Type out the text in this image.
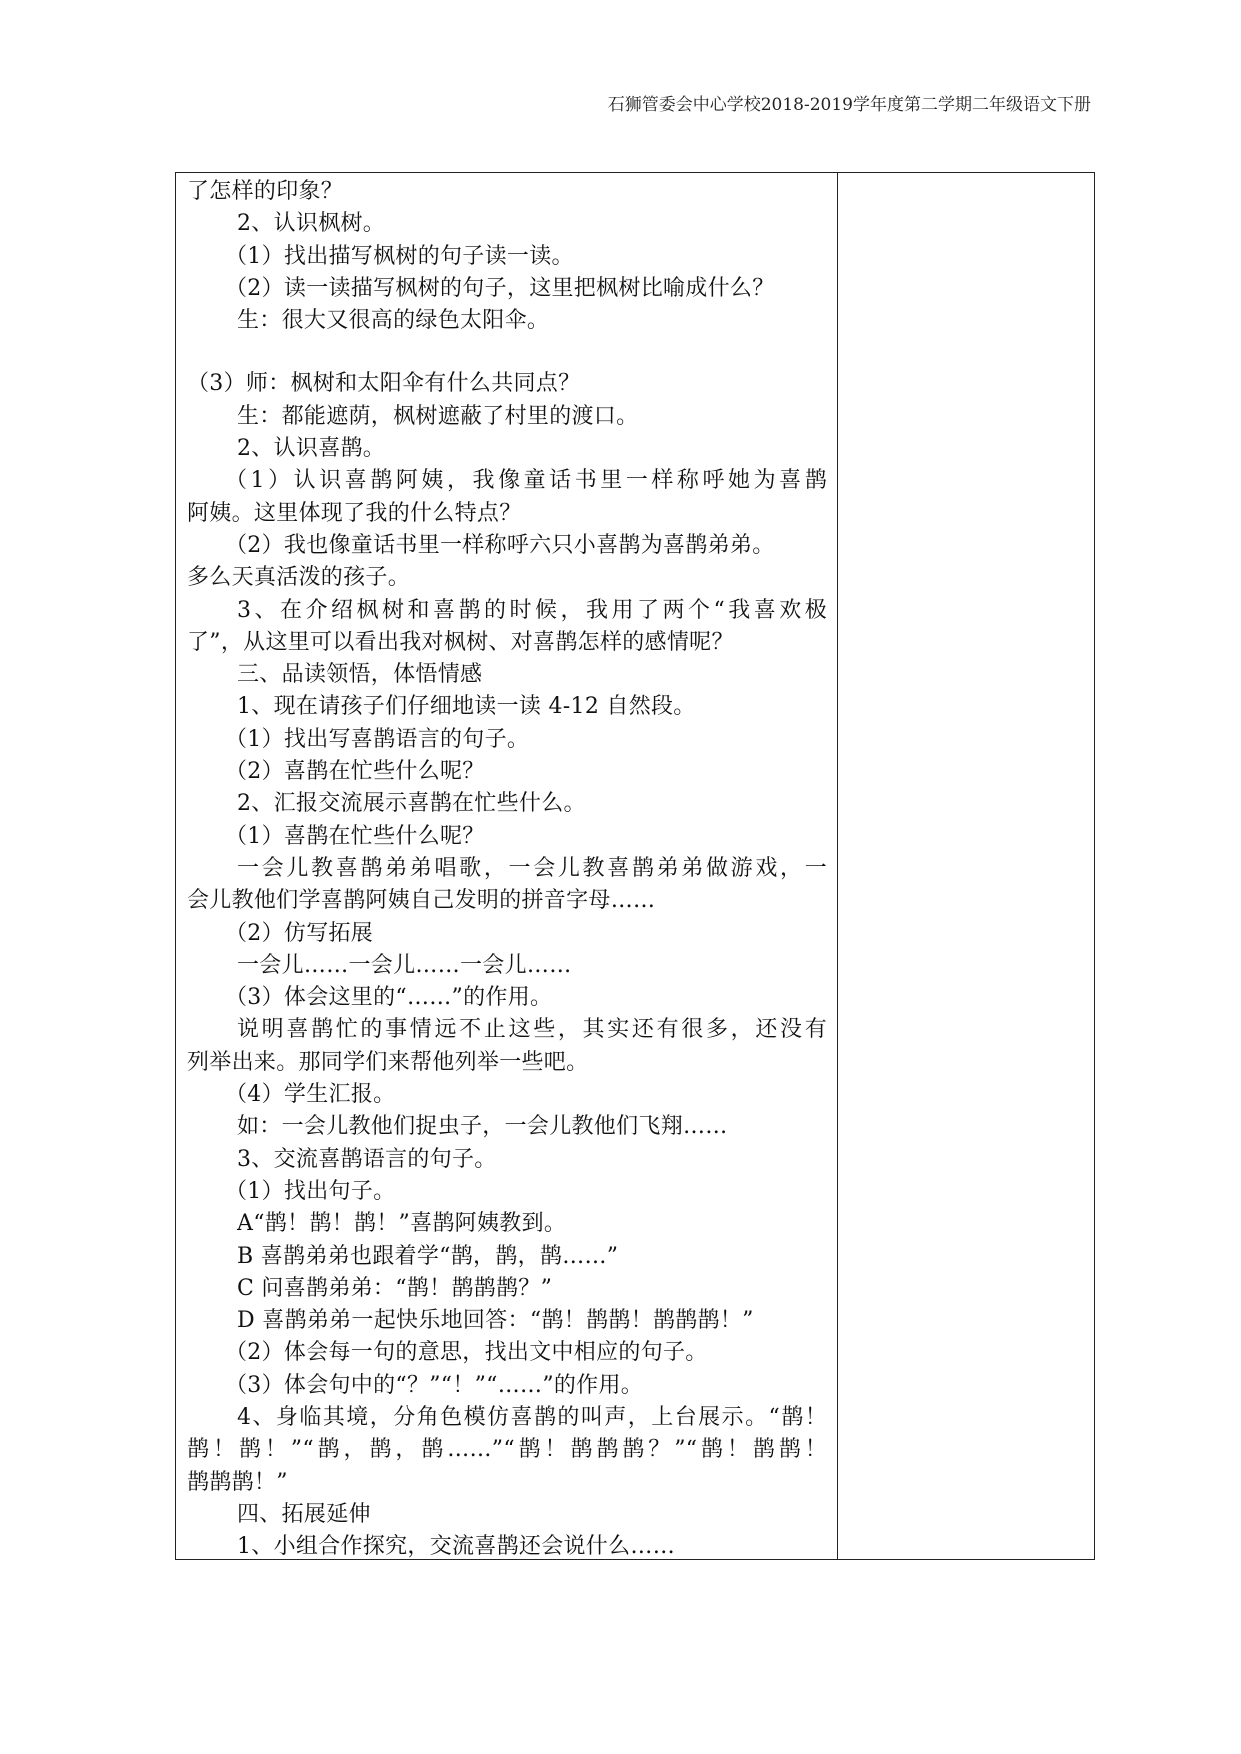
石狮管委会中心学校2018-2019学年度第二学期二年级语文下册
了怎样的印象？
2、认识枫树。
（1）找出描写枫树的句子读一读。
（2）读一读描写枫树的句子，这里把枫树比喻成什么？
生：很大又很高的绿色太阳伞。
（3）师：枫树和太阳伞有什么共同点？
生：都能遮荫，枫树遮蔽了村里的渡口。
2、认识喜鹊。
（1）认识喜鹊阿姨，我像童话书里一样称呼她为喜鹊
阿姨。这里体现了我的什么特点？
（2）我也像童话书里一样称呼六只小喜鹊为喜鹊弟弟。
多么天真活泼的孩子。
3、在介绍枫树和喜鹊的时候，我用了两个“我喜欢极
了”，从这里可以看出我对枫树、对喜鹊怎样的感情呢？
三、品读领悟，体悟情感
1、现在请孩子们仔细地读一读 4-12 自然段。
（1）找出写喜鹊语言的句子。
（2）喜鹊在忙些什么呢？
2、汇报交流展示喜鹊在忙些什么。
（1）喜鹊在忙些什么呢？
一会儿教喜鹊弟弟唱歌，一会儿教喜鹊弟弟做游戏，一
会儿教他们学喜鹊阿姨自己发明的拼音字母……
（2）仿写拓展
一会儿……一会儿……一会儿……
（3）体会这里的“……”的作用。
说明喜鹊忙的事情远不止这些，其实还有很多，还没有
列举出来。那同学们来帮他列举一些吧。
（4）学生汇报。
如：一会儿教他们捉虫子，一会儿教他们飞翔……
3、交流喜鹊语言的句子。
（1）找出句子。
A“鹊！鹊！鹊！”喜鹊阿姨教到。
B 喜鹊弟弟也跟着学“鹊，鹊，鹊……”
C 问喜鹊弟弟：“鹊！鹊鹊鹊？”
D 喜鹊弟弟一起快乐地回答：“鹊！鹊鹊！鹊鹊鹊！”
（2）体会每一句的意思，找出文中相应的句子。
（3）体会句中的“？”“！”“……”的作用。
4、身临其境，分角色模仿喜鹊的叫声，上台展示。“鹊！
鹊！鹊！”“鹊，鹊，鹊……”“鹊！鹊鹊鹊？”“鹊！鹊鹊！
鹊鹊鹊！”
四、拓展延伸
1、小组合作探究，交流喜鹊还会说什么……
